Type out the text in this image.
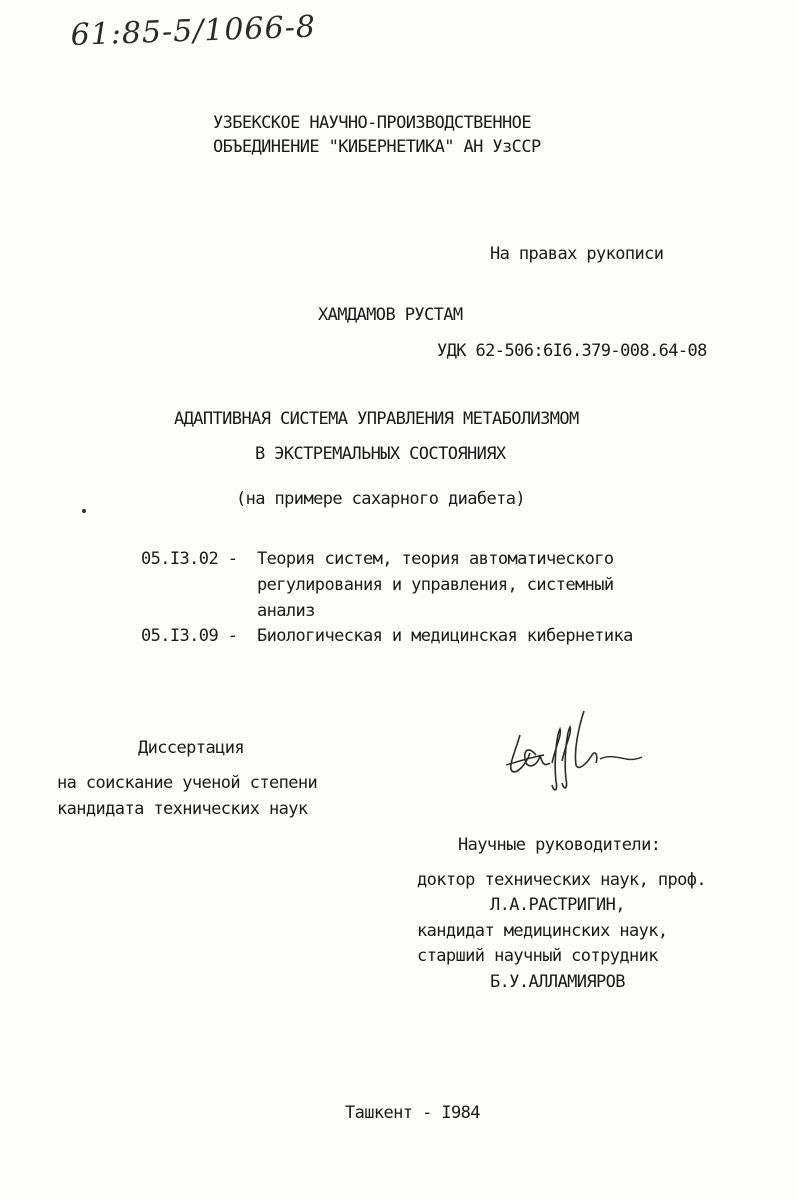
61:85-5/1066-8
УЗБЕКСКОЕ НАУЧНО-ПРОИЗВОДСТВЕННОЕ
ОБЪЕДИНЕНИЕ "КИБЕРНЕТИКА" АН УзССР
На правах рукописи
ХАМДАМОВ РУСТАМ
УДК 62-506:6I6.379-008.64-08
АДАПТИВНАЯ СИСТЕМА УПРАВЛЕНИЯ МЕТАБОЛИЗМОМ
В ЭКСТРЕМАЛЬНЫХ СОСТОЯНИЯХ
(на примере сахарного диабета)
05.I3.02 - Теория систем, теория автоматического
регулирования и управления, системный
анализ
05.I3.09 - Биологическая и медицинская кибернетика
Диссертация
на соискание ученой степени
кандидата технических наук
Научные руководители:
доктор технических наук, проф.
Л.А.РАСТРИГИН,
кандидат медицинских наук,
старший научный сотрудник
Б.У.АЛЛАМИЯРОВ
Ташкент - I984
